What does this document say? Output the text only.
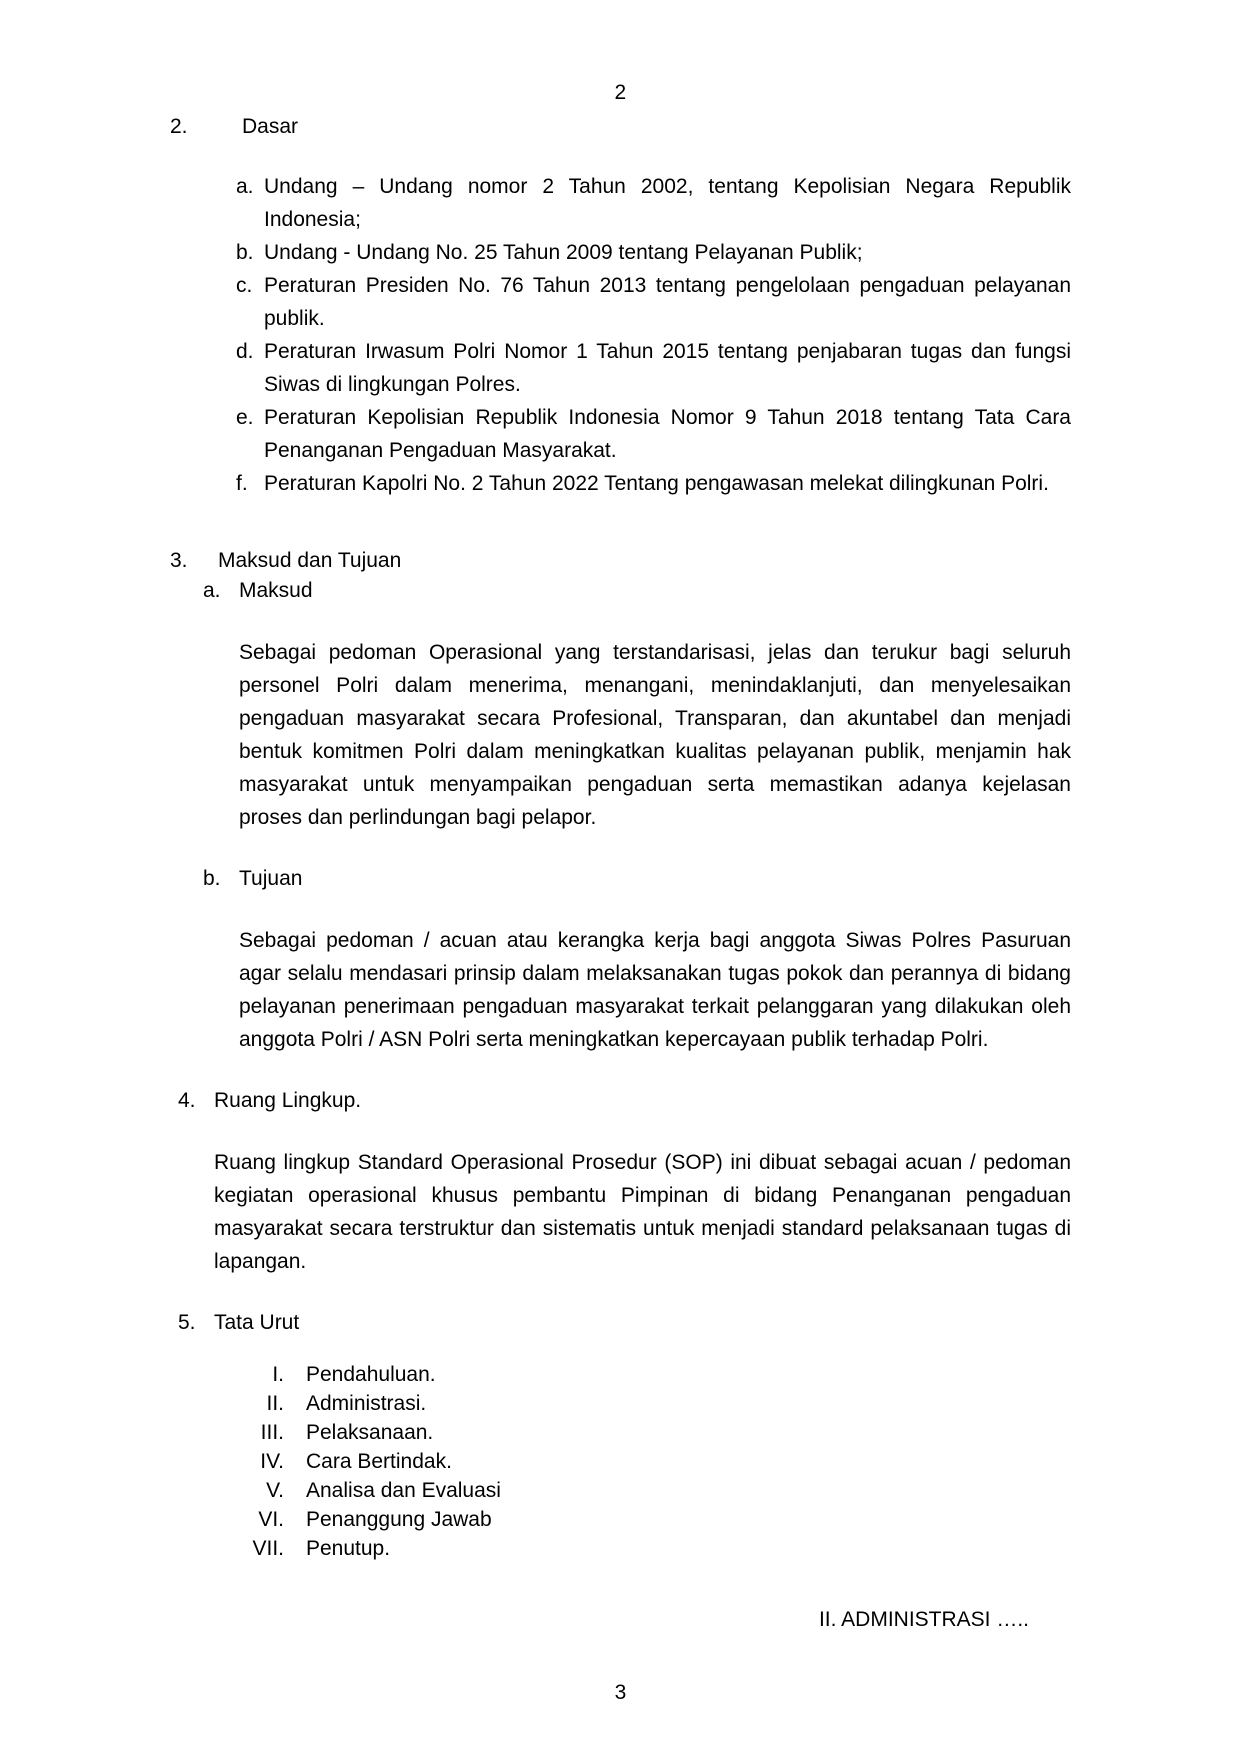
2
2.	Dasar
a. Undang – Undang nomor 2 Tahun 2002, tentang Kepolisian Negara Republik Indonesia;
b. Undang - Undang No. 25 Tahun 2009 tentang Pelayanan Publik;
c. Peraturan Presiden No. 76 Tahun 2013 tentang pengelolaan pengaduan pelayanan publik.
d. Peraturan Irwasum Polri Nomor 1 Tahun 2015 tentang penjabaran tugas dan fungsi Siwas di lingkungan Polres.
e. Peraturan Kepolisian Republik Indonesia Nomor 9 Tahun 2018 tentang Tata Cara Penanganan Pengaduan Masyarakat.
f. Peraturan Kapolri No. 2 Tahun 2022 Tentang pengawasan melekat dilingkunan Polri.
3.	Maksud dan Tujuan
a. Maksud
Sebagai pedoman Operasional yang terstandarisasi, jelas dan terukur bagi seluruh personel Polri dalam menerima, menangani, menindaklanjuti, dan menyelesaikan pengaduan masyarakat secara Profesional, Transparan, dan akuntabel dan menjadi bentuk komitmen Polri dalam meningkatkan kualitas pelayanan publik, menjamin hak masyarakat untuk menyampaikan pengaduan serta memastikan adanya kejelasan proses dan perlindungan bagi pelapor.
b. Tujuan
Sebagai pedoman / acuan atau kerangka kerja bagi anggota Siwas Polres Pasuruan agar selalu mendasari prinsip dalam melaksanakan tugas pokok dan perannya di bidang pelayanan penerimaan pengaduan masyarakat terkait pelanggaran yang dilakukan oleh anggota Polri / ASN Polri serta meningkatkan kepercayaan publik terhadap Polri.
4. Ruang Lingkup.
Ruang lingkup Standard Operasional Prosedur (SOP) ini dibuat sebagai acuan / pedoman kegiatan operasional khusus pembantu Pimpinan di bidang Penanganan pengaduan masyarakat secara terstruktur dan sistematis untuk menjadi standard pelaksanaan tugas di lapangan.
5. Tata Urut
I.	Pendahuluan.
II.	Administrasi.
III.	Pelaksanaan.
IV.	Cara Bertindak.
V.	Analisa dan Evaluasi
VI.	Penanggung Jawab
VII.	Penutup.
II. ADMINISTRASI …..
3
